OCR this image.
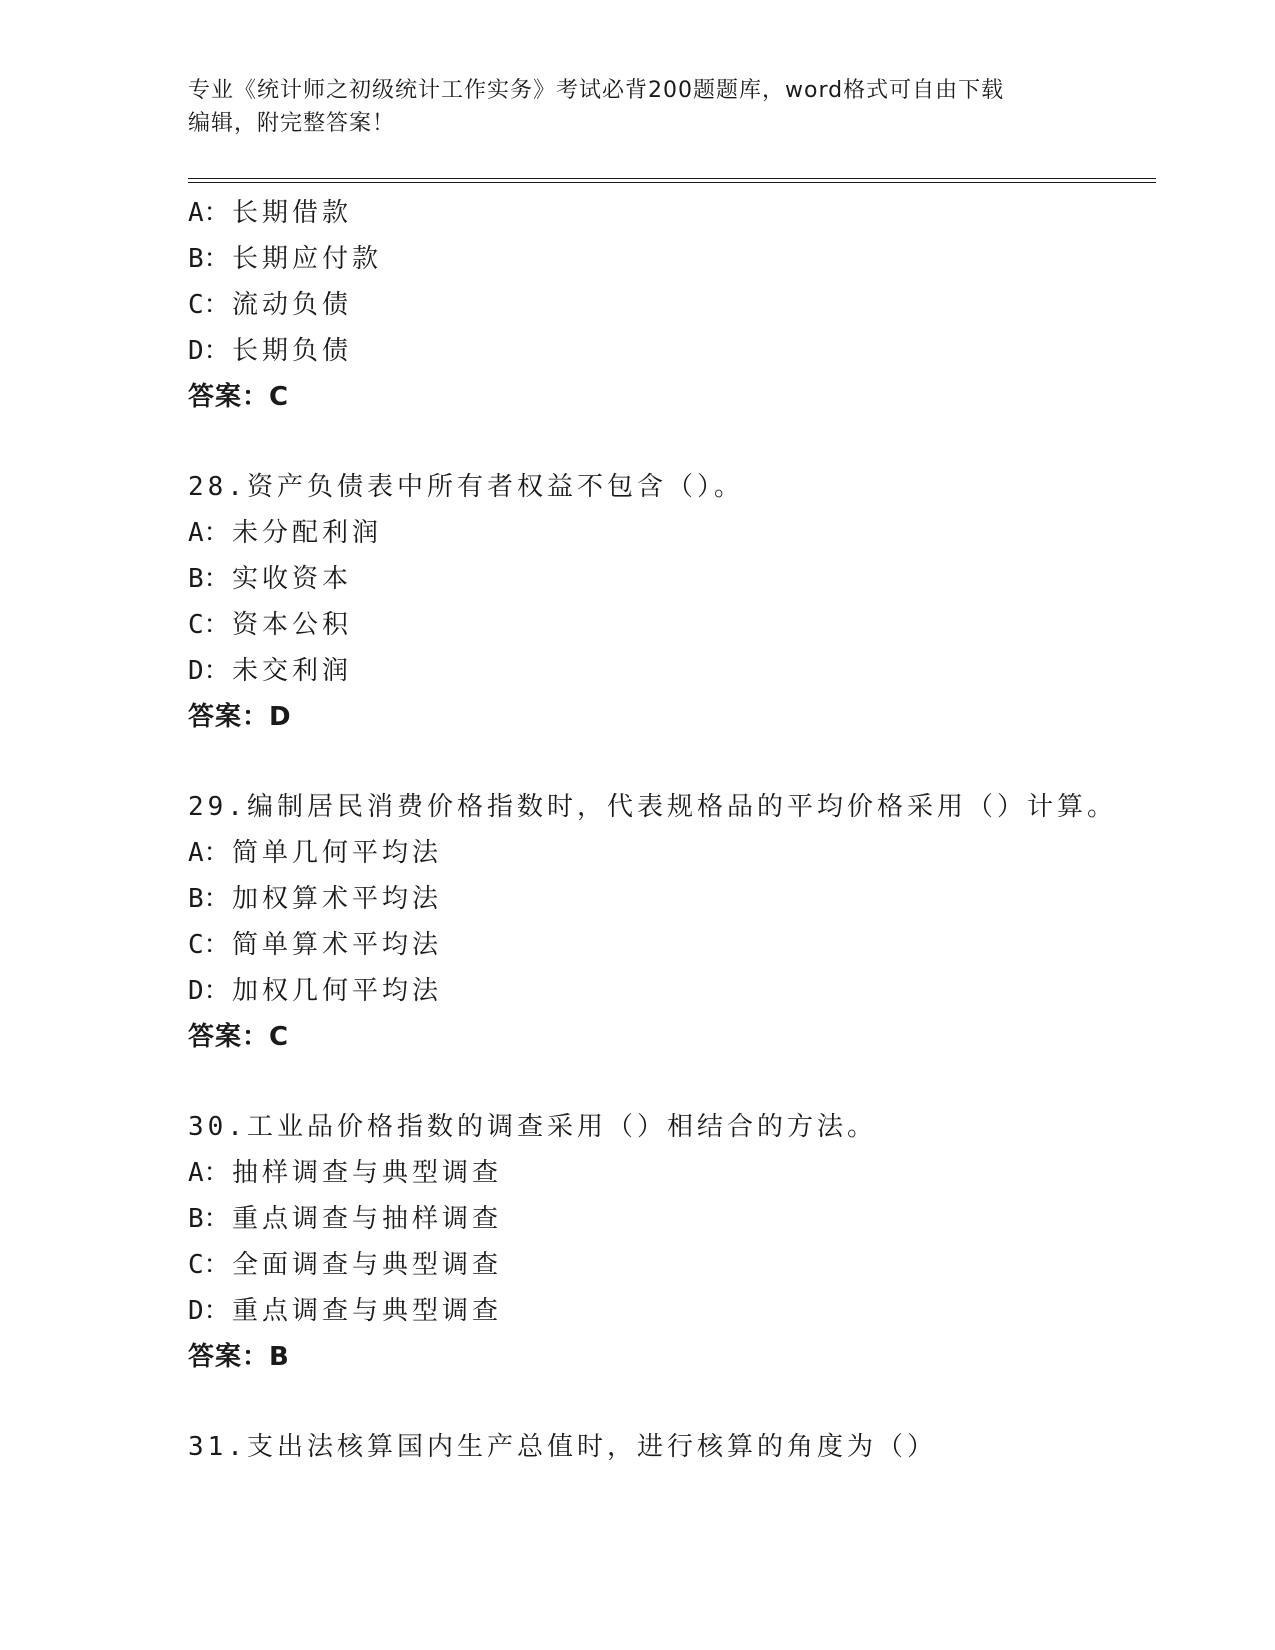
专业《统计师之初级统计工作实务》考试必背200题题库，word格式可自由下载
编辑，附完整答案！
A：长期借款
B：长期应付款
C：流动负债
D：长期负债
答案：C
28.资产负债表中所有者权益不包含（）。
A：未分配利润
B：实收资本
C：资本公积
D：未交利润
答案：D
29.编制居民消费价格指数时，代表规格品的平均价格采用（）计算。
A：简单几何平均法
B：加权算术平均法
C：简单算术平均法
D：加权几何平均法
答案：C
30.工业品价格指数的调查采用（）相结合的方法。
A：抽样调查与典型调查
B：重点调查与抽样调查
C：全面调查与典型调查
D：重点调查与典型调查
答案：B
31.支出法核算国内生产总值时，进行核算的角度为（）
